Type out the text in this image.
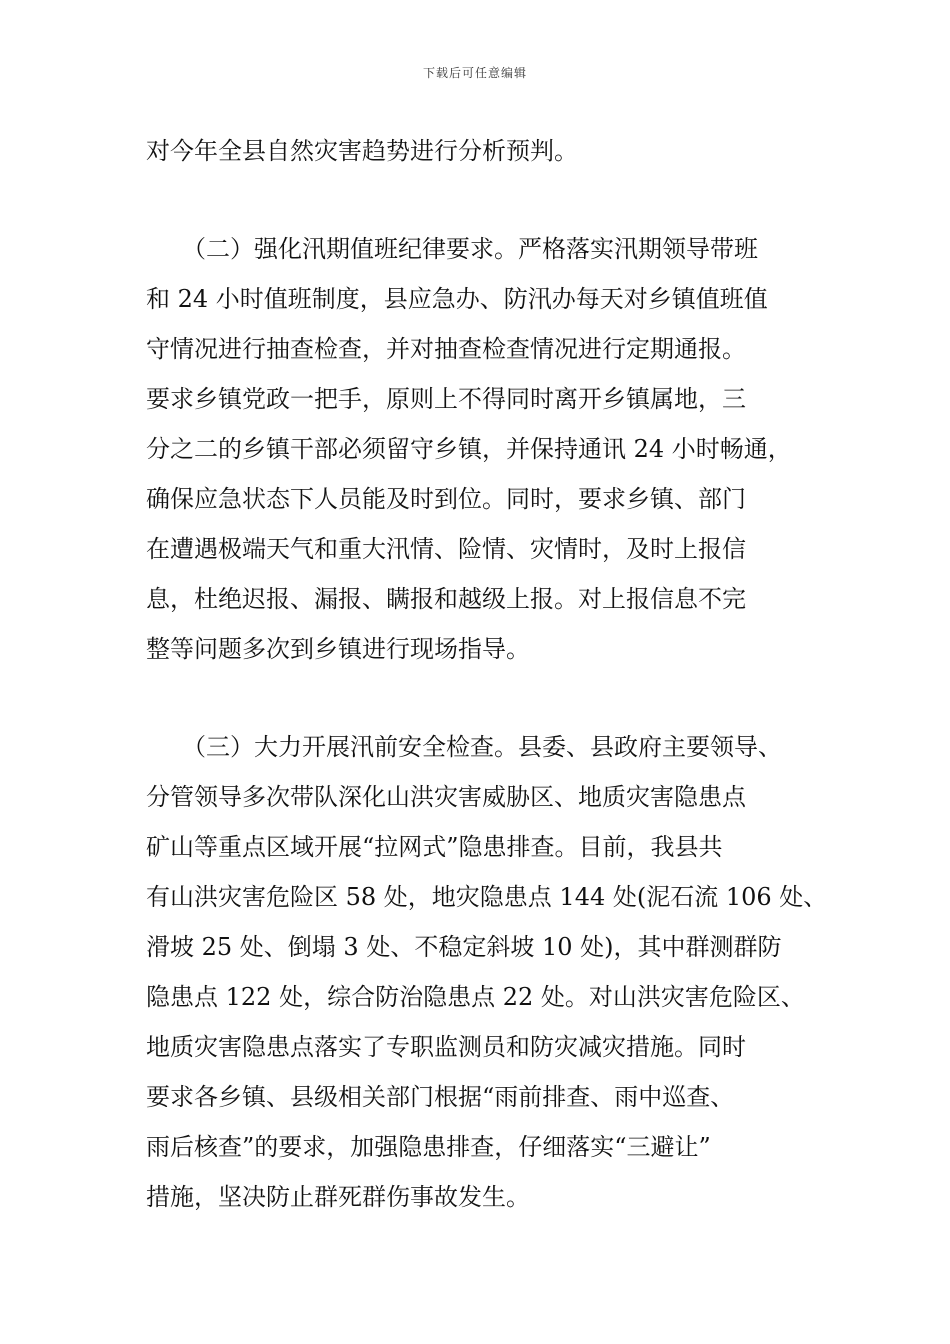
下载后可任意编辑
对今年全县自然灾害趋势进行分析预判。
（二）强化汛期值班纪律要求。严格落实汛期领导带班
和 24 小时值班制度，县应急办、防汛办每天对乡镇值班值
守情况进行抽查检查，并对抽查检查情况进行定期通报。
要求乡镇党政一把手，原则上不得同时离开乡镇属地，三
分之二的乡镇干部必须留守乡镇，并保持通讯 24 小时畅通，
确保应急状态下人员能及时到位。同时，要求乡镇、部门
在遭遇极端天气和重大汛情、险情、灾情时，及时上报信
息，杜绝迟报、漏报、瞒报和越级上报。对上报信息不完
整等问题多次到乡镇进行现场指导。
（三）大力开展汛前安全检查。县委、县政府主要领导、
分管领导多次带队深化山洪灾害威胁区、地质灾害隐患点
矿山等重点区域开展“拉网式”隐患排查。目前，我县共
有山洪灾害危险区 58 处，地灾隐患点 144 处(泥石流 106 处、
滑坡 25 处、倒塌 3 处、不稳定斜坡 10 处)，其中群测群防
隐患点 122 处，综合防治隐患点 22 处。对山洪灾害危险区、
地质灾害隐患点落实了专职监测员和防灾减灾措施。同时
要求各乡镇、县级相关部门根据“雨前排查、雨中巡查、
雨后核查”的要求，加强隐患排查，仔细落实“三避让”
措施，坚决防止群死群伤事故发生。
